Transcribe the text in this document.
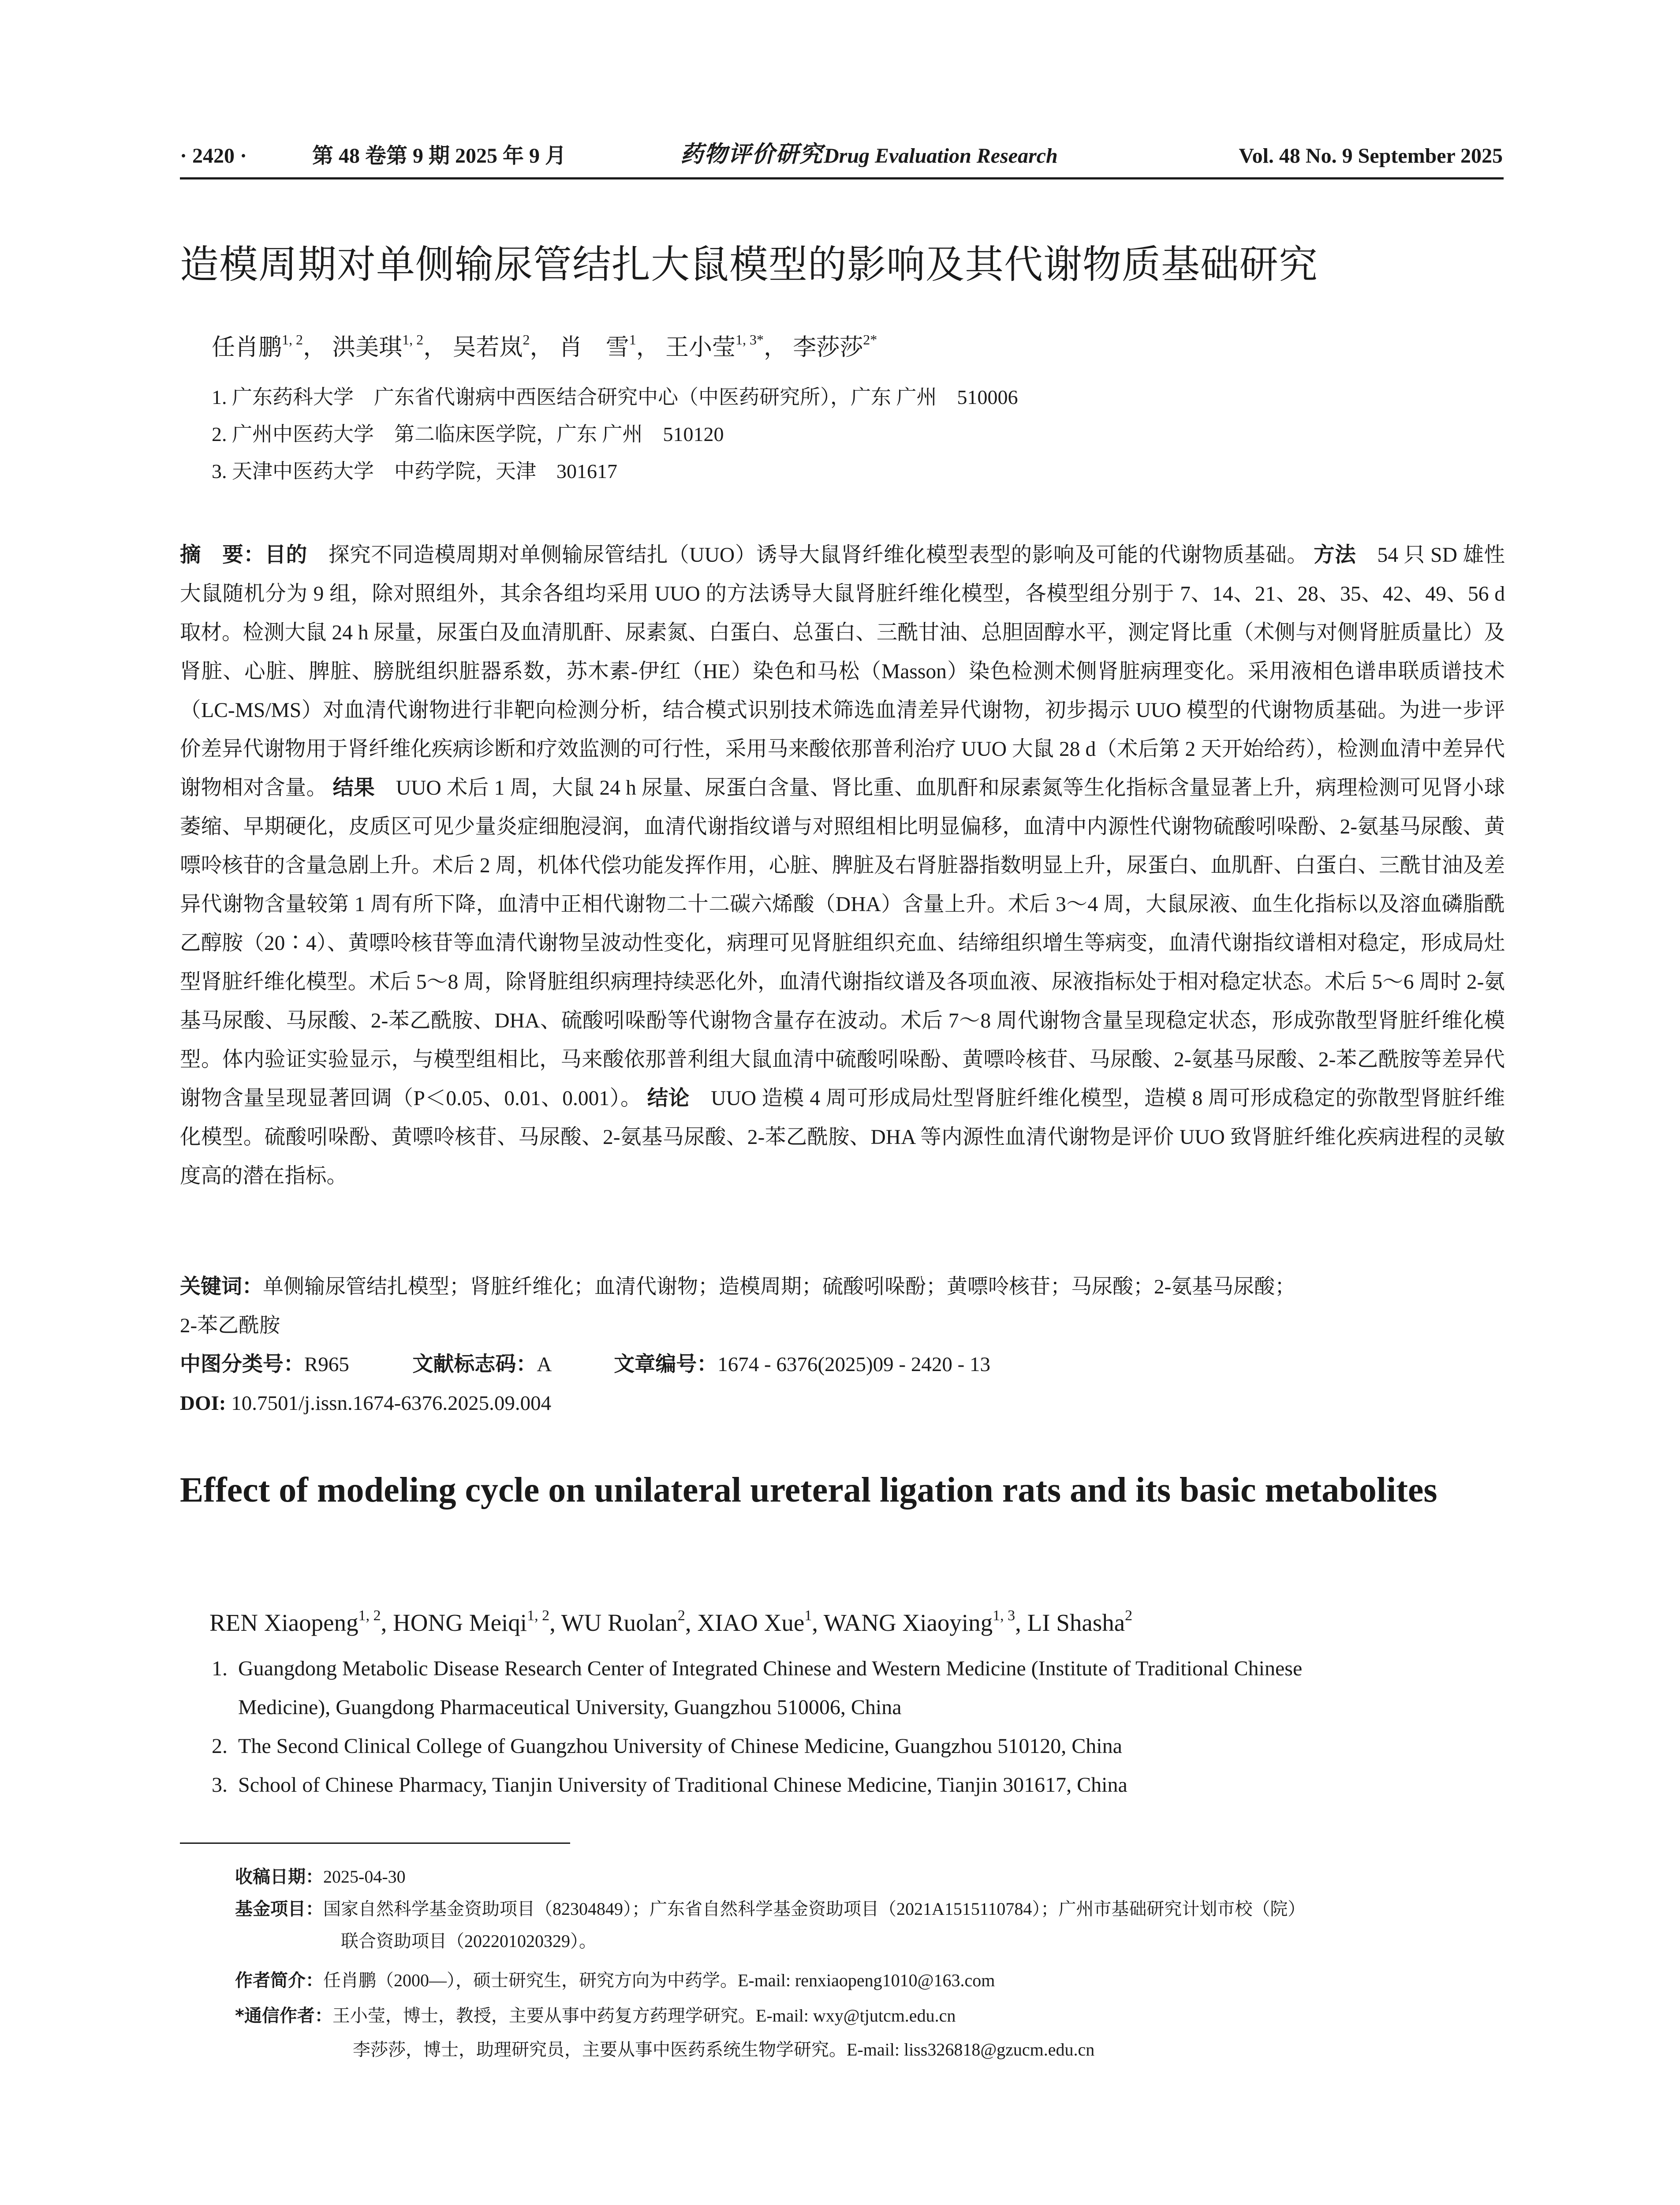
· 2420 ·	第 48 卷第 9 期 2025 年 9 月	药物评价研究 Drug Evaluation Research	Vol. 48 No. 9 September 2025
造模周期对单侧输尿管结扎大鼠模型的影响及其代谢物质基础研究
任肖鹏$^{1, 2}$， 洪美琪$^{1, 2}$， 吴若岚$^2$， 肖　雪$^1$， 王小莹$^{1, 3*}$， 李莎莎$^{2*}$
1. 广东药科大学　广东省代谢病中西医结合研究中心（中医药研究所），广东 广州　510006
2. 广州中医药大学　第二临床医学院，广东 广州　510120
3. 天津中医药大学　中药学院，天津　301617
摘　要：目的　探究不同造模周期对单侧输尿管结扎（UUO）诱导大鼠肾纤维化模型表型的影响及可能的代谢物质基础。 方法　54 只 SD 雄性大鼠随机分为 9 组，除对照组外，其余各组均采用 UUO 的方法诱导大鼠肾脏纤维化模型，各模型组分别于 7、14、21、28、35、42、49、56 d 取材。检测大鼠 24 h 尿量，尿蛋白及血清肌酐、尿素氮、白蛋白、总蛋白、三酰甘油、总胆固醇水平，测定肾比重（术侧与对侧肾脏质量比）及肾脏、心脏、脾脏、膀胱组织脏器系数，苏木素-伊红（HE）染色和马松（Masson）染色检测术侧肾脏病理变化。采用液相色谱串联质谱技术（LC-MS/MS）对血清代谢物进行非靶向检测分析，结合模式识别技术筛选血清差异代谢物，初步揭示 UUO 模型的代谢物质基础。为进一步评价差异代谢物用于肾纤维化疾病诊断和疗效监测的可行性，采用马来酸依那普利治疗 UUO 大鼠 28 d（术后第 2 天开始给药），检测血清中差异代谢物相对含量。 结果　UUO 术后 1 周，大鼠 24 h 尿量、尿蛋白含量、肾比重、血肌酐和尿素氮等生化指标含量显著上升，病理检测可见肾小球萎缩、早期硬化，皮质区可见少量炎症细胞浸润，血清代谢指纹谱与对照组相比明显偏移，血清中内源性代谢物硫酸吲哚酚、2-氨基马尿酸、黄嘌呤核苷的含量急剧上升。术后 2 周，机体代偿功能发挥作用，心脏、脾脏及右肾脏器指数明显上升，尿蛋白、血肌酐、白蛋白、三酰甘油及差异代谢物含量较第 1 周有所下降，血清中正相代谢物二十二碳六烯酸（DHA）含量上升。术后 3～4 周，大鼠尿液、血生化指标以及溶血磷脂酰乙醇胺（20∶4）、黄嘌呤核苷等血清代谢物呈波动性变化，病理可见肾脏组织充血、结缔组织增生等病变，血清代谢指纹谱相对稳定，形成局灶型肾脏纤维化模型。术后 5～8 周，除肾脏组织病理持续恶化外，血清代谢指纹谱及各项血液、尿液指标处于相对稳定状态。术后 5～6 周时 2-氨基马尿酸、马尿酸、2-苯乙酰胺、DHA、硫酸吲哚酚等代谢物含量存在波动。术后 7～8 周代谢物含量呈现稳定状态，形成弥散型肾脏纤维化模型。体内验证实验显示，与模型组相比，马来酸依那普利组大鼠血清中硫酸吲哚酚、黄嘌呤核苷、马尿酸、2-氨基马尿酸、2-苯乙酰胺等差异代谢物含量呈现显著回调（P＜0.05、0.01、0.001）。 结论　UUO 造模 4 周可形成局灶型肾脏纤维化模型，造模 8 周可形成稳定的弥散型肾脏纤维化模型。硫酸吲哚酚、黄嘌呤核苷、马尿酸、2-氨基马尿酸、2-苯乙酰胺、DHA 等内源性血清代谢物是评价 UUO 致肾脏纤维化疾病进程的灵敏度高的潜在指标。
关键词：单侧输尿管结扎模型；肾脏纤维化；血清代谢物；造模周期；硫酸吲哚酚；黄嘌呤核苷；马尿酸；2-氨基马尿酸；
2-苯乙酰胺
中图分类号：R965	文献标志码：A	文章编号：1674 - 6376(2025)09 - 2420 - 13
DOI: 10.7501/j.issn.1674-6376.2025.09.004
Effect of modeling cycle on unilateral ureteral ligation rats and its basic metabolites
REN Xiaopeng$^{1, 2}$, HONG Meiqi$^{1, 2}$, WU Ruolan$^2$, XIAO Xue$^1$, WANG Xiaoying$^{1, 3}$, LI Shasha$^2$
1. Guangdong Metabolic Disease Research Center of Integrated Chinese and Western Medicine (Institute of Traditional Chinese
Medicine), Guangdong Pharmaceutical University, Guangzhou 510006, China
2. The Second Clinical College of Guangzhou University of Chinese Medicine, Guangzhou 510120, China
3. School of Chinese Pharmacy, Tianjin University of Traditional Chinese Medicine, Tianjin 301617, China
收稿日期：2025-04-30
基金项目：国家自然科学基金资助项目（82304849）；广东省自然科学基金资助项目（2021A1515110784）；广州市基础研究计划市校（院）
联合资助项目（202201020329）。
作者简介：任肖鹏（2000—），硕士研究生，研究方向为中药学。E-mail: renxiaopeng1010@163.com
*通信作者：王小莹，博士，教授，主要从事中药复方药理学研究。E-mail: wxy@tjutcm.edu.cn
李莎莎，博士，助理研究员，主要从事中医药系统生物学研究。E-mail: liss326818@gzucm.edu.cn
